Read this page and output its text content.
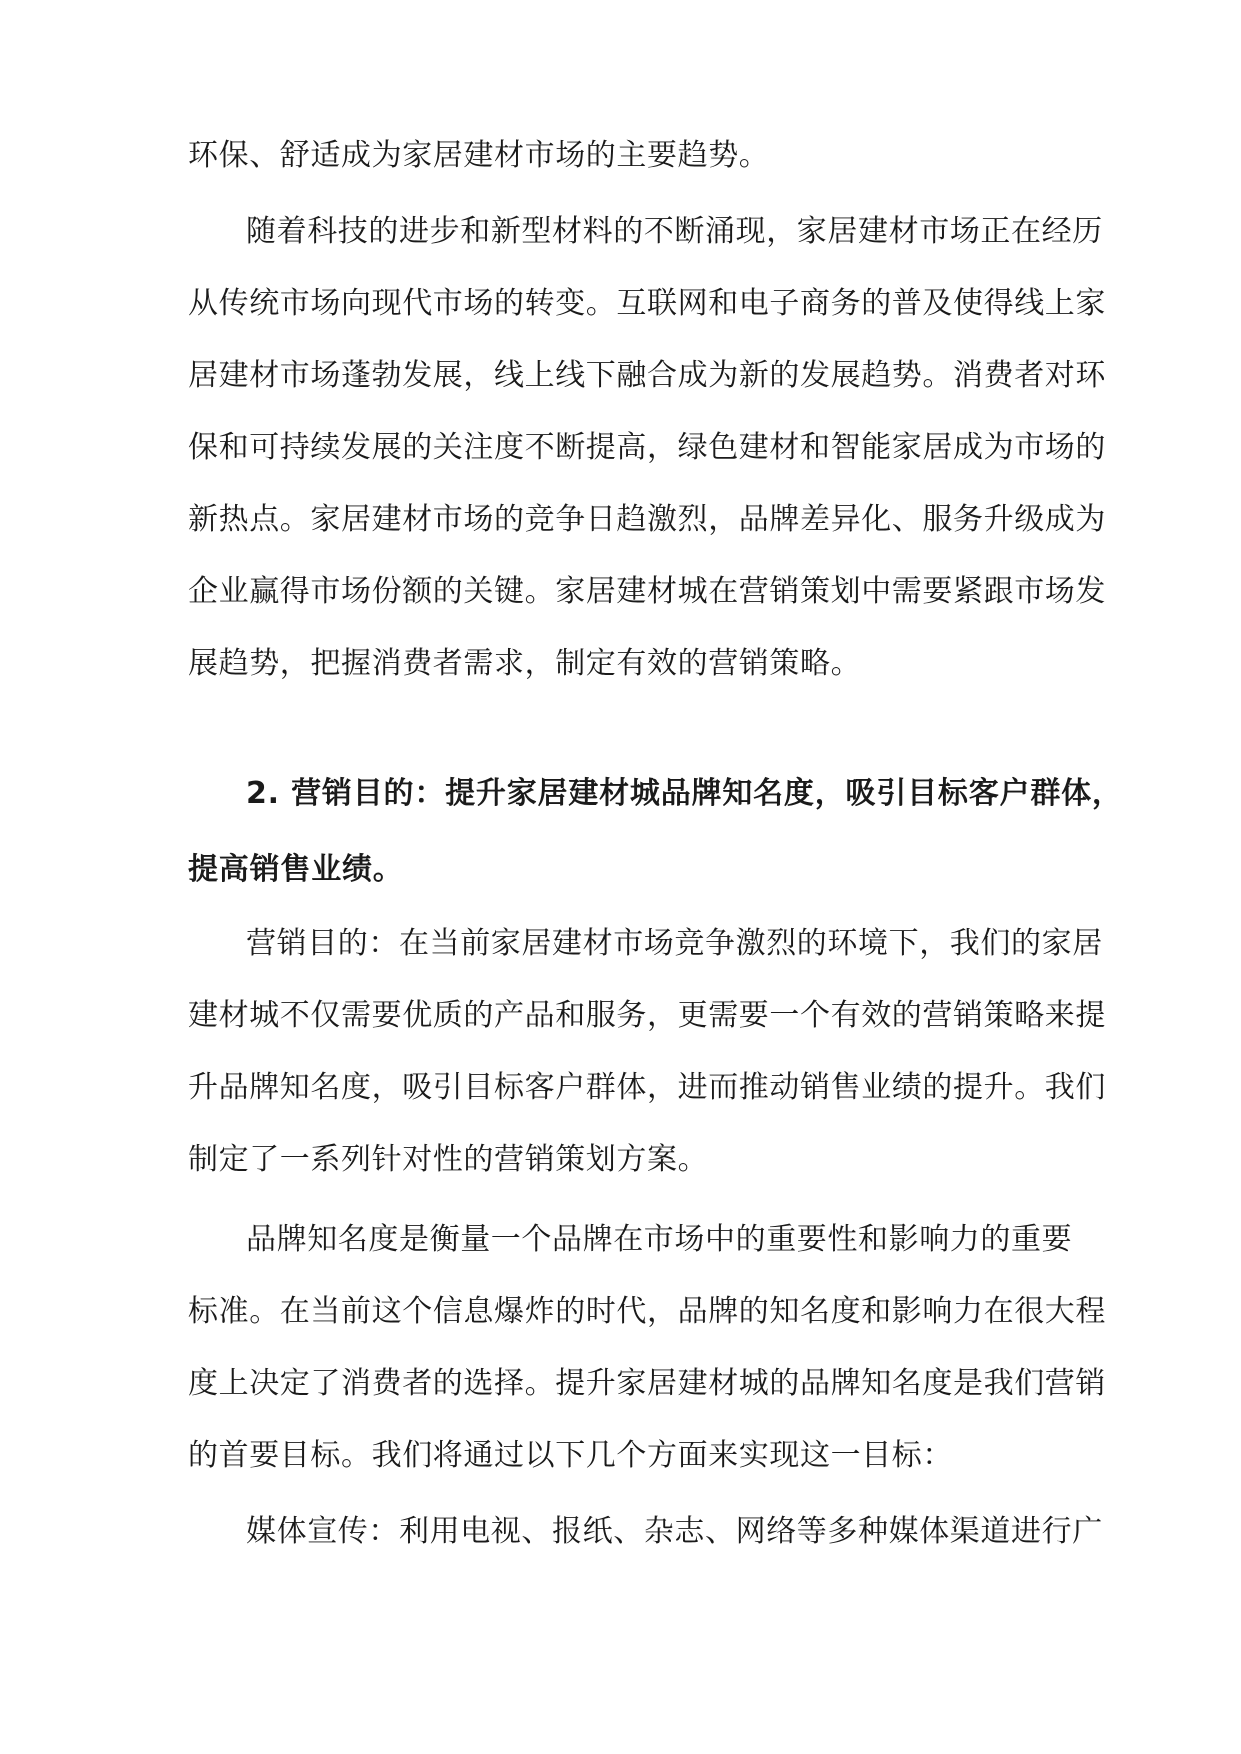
环保、舒适成为家居建材市场的主要趋势。
随着科技的进步和新型材料的不断涌现，家居建材市场正在经历
从传统市场向现代市场的转变。互联网和电子商务的普及使得线上家
居建材市场蓬勃发展，线上线下融合成为新的发展趋势。消费者对环
保和可持续发展的关注度不断提高，绿色建材和智能家居成为市场的
新热点。家居建材市场的竞争日趋激烈，品牌差异化、服务升级成为
企业赢得市场份额的关键。家居建材城在营销策划中需要紧跟市场发
展趋势，把握消费者需求，制定有效的营销策略。
2. 营销目的：提升家居建材城品牌知名度，吸引目标客户群体，
提高销售业绩。
营销目的：在当前家居建材市场竞争激烈的环境下，我们的家居
建材城不仅需要优质的产品和服务，更需要一个有效的营销策略来提
升品牌知名度，吸引目标客户群体，进而推动销售业绩的提升。我们
制定了一系列针对性的营销策划方案。
品牌知名度是衡量一个品牌在市场中的重要性和影响力的重要
标准。在当前这个信息爆炸的时代，品牌的知名度和影响力在很大程
度上决定了消费者的选择。提升家居建材城的品牌知名度是我们营销
的首要目标。我们将通过以下几个方面来实现这一目标：
媒体宣传：利用电视、报纸、杂志、网络等多种媒体渠道进行广
